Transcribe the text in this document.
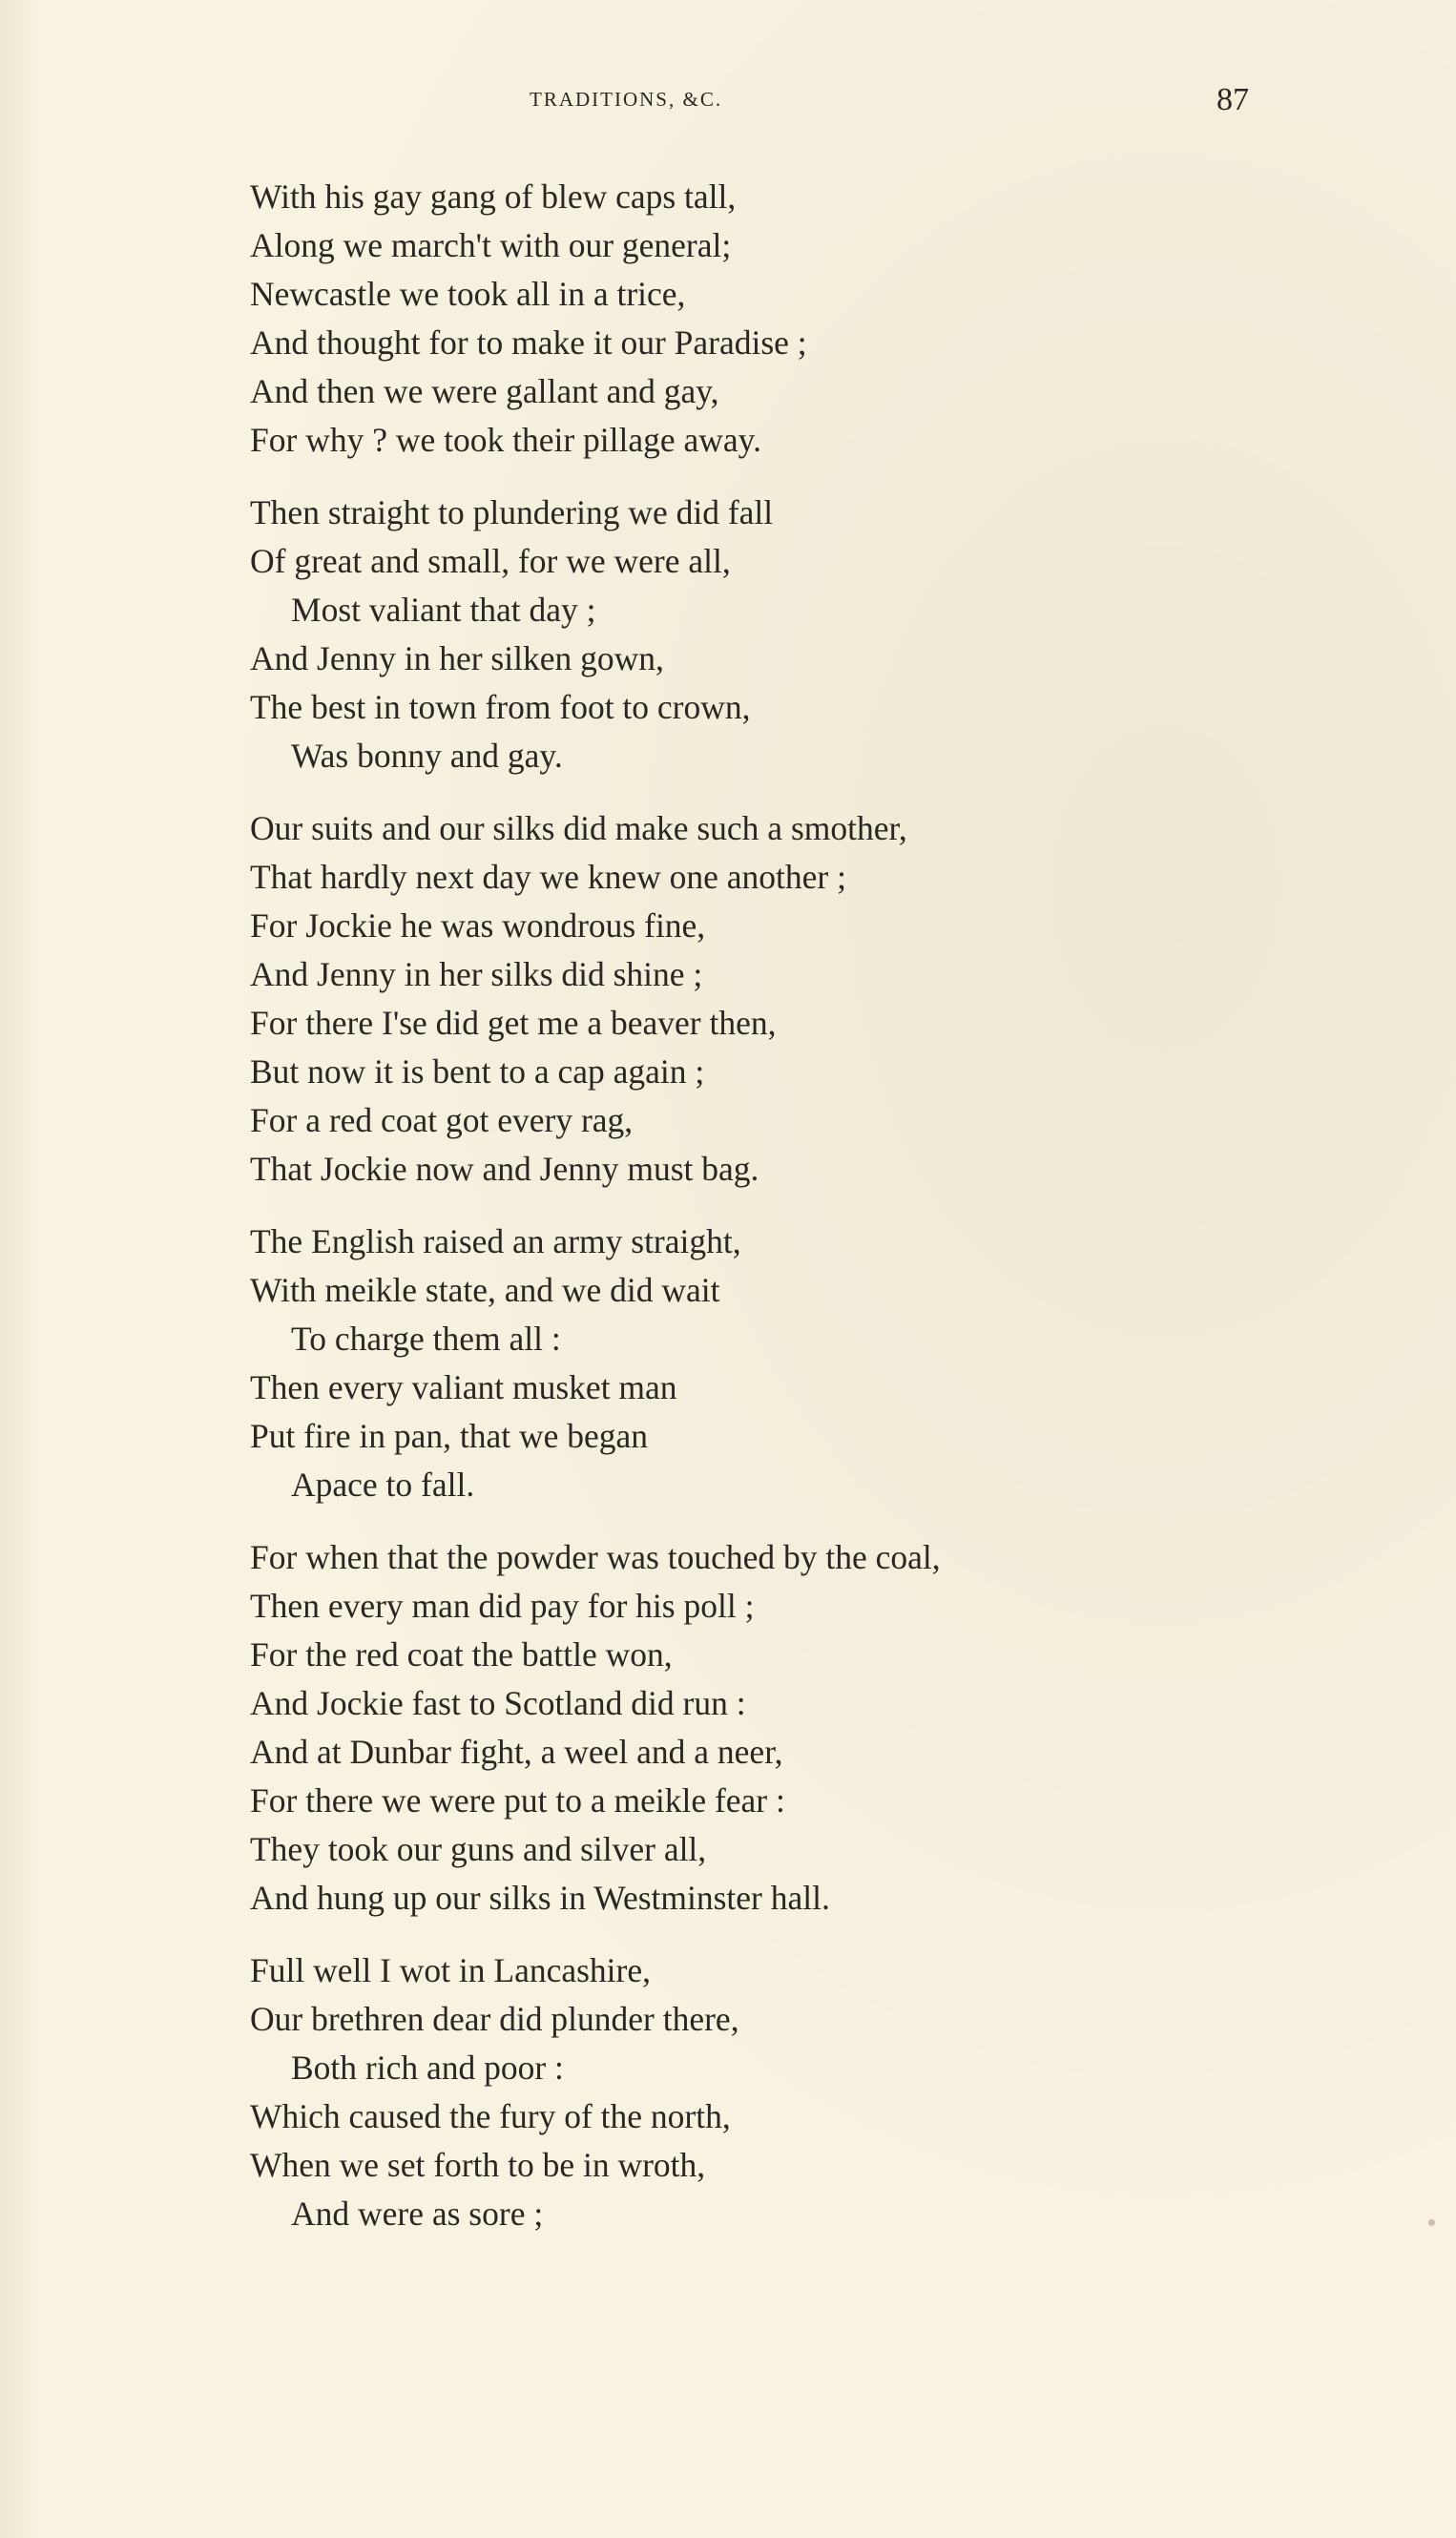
TRADITIONS, &C.	87
With his gay gang of blew caps tall,
Along we march't with our general;
Newcastle we took all in a trice,
And thought for to make it our Paradise ;
And then we were gallant and gay,
For why ? we took their pillage away.
Then straight to plundering we did fall
Of great and small, for we were all,
Most valiant that day ;
And Jenny in her silken gown,
The best in town from foot to crown,
Was bonny and gay.
Our suits and our silks did make such a smother,
That hardly next day we knew one another ;
For Jockie he was wondrous fine,
And Jenny in her silks did shine ;
For there I'se did get me a beaver then,
But now it is bent to a cap again ;
For a red coat got every rag,
That Jockie now and Jenny must bag.
The English raised an army straight,
With meikle state, and we did wait
To charge them all :
Then every valiant musket man
Put fire in pan, that we began
Apace to fall.
For when that the powder was touched by the coal,
Then every man did pay for his poll ;
For the red coat the battle won,
And Jockie fast to Scotland did run :
And at Dunbar fight, a weel and a neer,
For there we were put to a meikle fear :
They took our guns and silver all,
And hung up our silks in Westminster hall.
Full well I wot in Lancashire,
Our brethren dear did plunder there,
Both rich and poor :
Which caused the fury of the north,
When we set forth to be in wroth,
And were as sore ;
